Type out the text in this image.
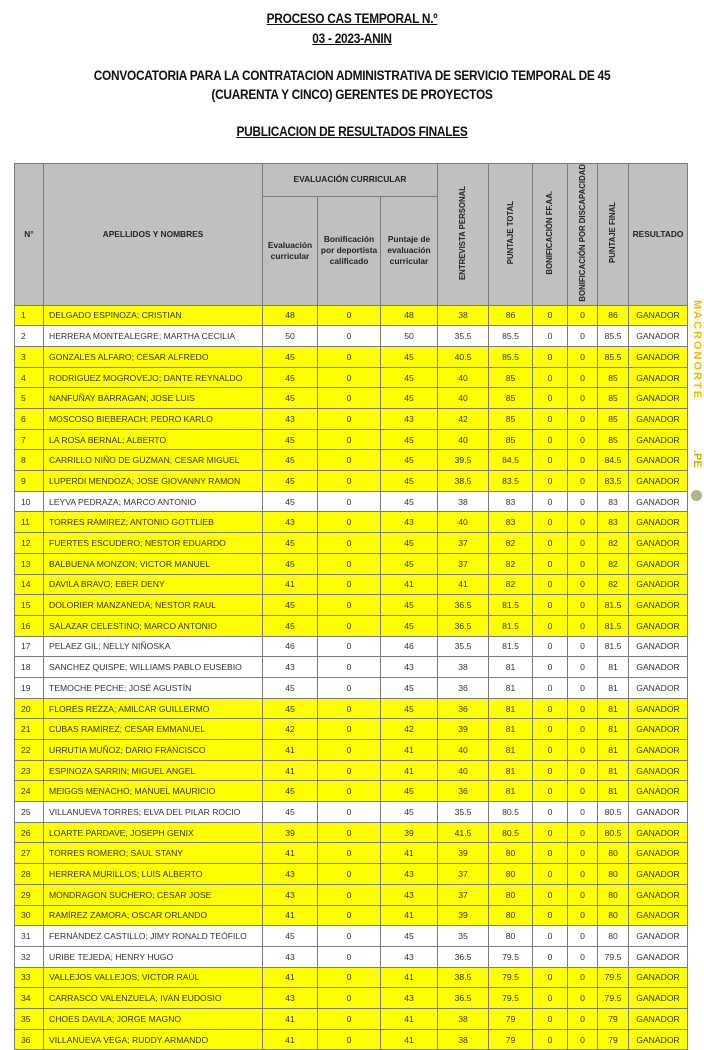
PROCESO CAS TEMPORAL N.º
03 - 2023-ANIN
CONVOCATORIA PARA LA CONTRATACION ADMINISTRATIVA DE SERVICIO TEMPORAL DE 45
(CUARENTA Y CINCO) GERENTES DE PROYECTOS
PUBLICACION DE RESULTADOS FINALES
N°	APELLIDOS Y NOMBRES	EVALUACIÓN CURRICULAR			ENTREVISTA PERSONAL	PUNTAJE TOTAL	BONIFICACIÓN FF.AA.	BONIFICACIÓN POR DISCAPACIDAD	PUNTAJE FINAL	RESULTADO
		Evaluación curricular	Bonificación por deportista calificado	Puntaje de evaluación curricular						
1	DELGADO ESPINOZA; CRISTIAN	48	0	48	38	86	0	0	86	GANADOR
2	HERRERA MONTEALEGRE; MARTHA CECILIA	50	0	50	35.5	85.5	0	0	85.5	GANADOR
3	GONZALES ALFARO; CESAR ALFREDO	45	0	45	40.5	85.5	0	0	85.5	GANADOR
4	RODRIGUEZ MOGROVEJO; DANTE REYNALDO	45	0	45	40	85	0	0	85	GANADOR
5	NANFUÑAY BARRAGAN; JOSE LUIS	45	0	45	40	85	0	0	85	GANADOR
6	MOSCOSO BIEBERACH; PEDRO KARLO	43	0	43	42	85	0	0	85	GANADOR
7	LA ROSA BERNAL; ALBERTO	45	0	45	40	85	0	0	85	GANADOR
8	CARRILLO NIÑO DE GUZMAN; CESAR MIGUEL	45	0	45	39.5	84.5	0	0	84.5	GANADOR
9	LUPERDI MENDOZA; JOSE GIOVANNY RAMON	45	0	45	38.5	83.5	0	0	83.5	GANADOR
10	LEYVA PEDRAZA; MARCO ANTONIO	45	0	45	38	83	0	0	83	GANADOR
11	TORRES RAMIREZ; ANTONIO GOTTLIEB	43	0	43	40	83	0	0	83	GANADOR
12	FUERTES ESCUDERO; NESTOR EDUARDO	45	0	45	37	82	0	0	82	GANADOR
13	BALBUENA MONZON; VICTOR MANUEL	45	0	45	37	82	0	0	82	GANADOR
14	DAVILA BRAVO; EBER DENY	41	0	41	41	82	0	0	82	GANADOR
15	DOLORIER MANZANEDA; NESTOR RAUL	45	0	45	36.5	81.5	0	0	81.5	GANADOR
16	SALAZAR CELESTINO; MARCO ANTONIO	45	0	45	36.5	81.5	0	0	81.5	GANADOR
17	PELAEZ GIL; NELLY NIÑOSKA	46	0	46	35.5	81.5	0	0	81.5	GANADOR
18	SANCHEZ QUISPE; WILLIAMS PABLO EUSEBIO	43	0	43	38	81	0	0	81	GANADOR
19	TEMOCHE PECHE; JOSÉ AGUSTÍN	45	0	45	36	81	0	0	81	GANADOR
20	FLORES REZZA; AMILCAR GUILLERMO	45	0	45	36	81	0	0	81	GANADOR
21	CUBAS RAMIREZ; CESAR EMMANUEL	42	0	42	39	81	0	0	81	GANADOR
22	URRUTIA MUÑOZ; DARIO FRANCISCO	41	0	41	40	81	0	0	81	GANADOR
23	ESPINOZA SARRIN; MIGUEL ANGEL	41	0	41	40	81	0	0	81	GANADOR
24	MEIGGS MENACHO; MANUEL MAURICIO	45	0	45	36	81	0	0	81	GANADOR
25	VILLANUEVA TORRES; ELVA DEL PILAR ROCIO	45	0	45	35.5	80.5	0	0	80.5	GANADOR
26	LOARTE PARDAVE; JOSEPH GENIX	39	0	39	41.5	80.5	0	0	80.5	GANADOR
27	TORRES ROMERO; SAUL STANY	41	0	41	39	80	0	0	80	GANADOR
28	HERRERA MURILLOS; LUIS ALBERTO	43	0	43	37	80	0	0	80	GANADOR
29	MONDRAGON SUCHERO; CESAR JOSE	43	0	43	37	80	0	0	80	GANADOR
30	RAMÍREZ ZAMORA; OSCAR ORLANDO	41	0	41	39	80	0	0	80	GANADOR
31	FERNÁNDEZ CASTILLO; JIMY RONALD TEÓFILO	45	0	45	35	80	0	0	80	GANADOR
32	URIBE TEJEDA; HENRY HUGO	43	0	43	36.5	79.5	0	0	79.5	GANADOR
33	VALLEJOS VALLEJOS; VICTOR RAÚL	41	0	41	38.5	79.5	0	0	79.5	GANADOR
34	CARRASCO VALENZUELA; IVAN EUDOSIO	43	0	43	36.5	79.5	0	0	79.5	GANADOR
35	CHOES DAVILA; JORGE MAGNO	41	0	41	38	79	0	0	79	GANADOR
36	VILLANUEVA VEGA; RUDDY ARMANDO	41	0	41	38	79	0	0	79	GANADOR
MACRONORTE
.PE
